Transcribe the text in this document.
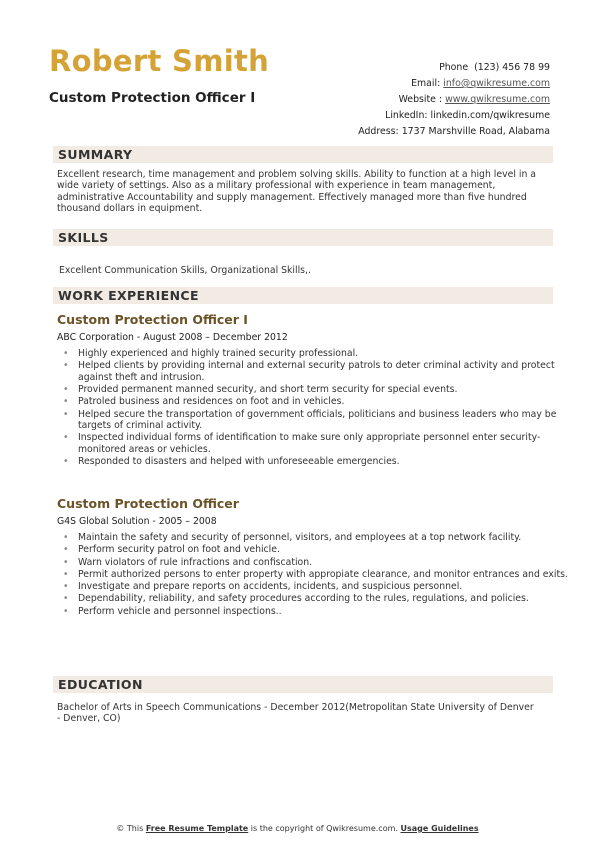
Robert Smith
Custom Protection Officer I
Phone (123) 456 78 99
Email: info@qwikresume.com
Website : www.qwikresume.com
LinkedIn: linkedin.com/qwikresume
Address: 1737 Marshville Road, Alabama
SUMMARY
Excellent research, time management and problem solving skills. Ability to function at a high level in a wide variety of settings. Also as a military professional with experience in team management, administrative Accountability and supply management. Effectively managed more than five hundred thousand dollars in equipment.
SKILLS
Excellent Communication Skills, Organizational Skills,.
WORK EXPERIENCE
Custom Protection Officer I
ABC Corporation - August 2008 – December 2012
• Highly experienced and highly trained security professional.
• Helped clients by providing internal and external security patrols to deter criminal activity and protect against theft and intrusion.
• Provided permanent manned security, and short term security for special events.
• Patroled business and residences on foot and in vehicles.
• Helped secure the transportation of government officials, politicians and business leaders who may be targets of criminal activity.
• Inspected individual forms of identification to make sure only appropriate personnel enter security-monitored areas or vehicles.
• Responded to disasters and helped with unforeseeable emergencies.
Custom Protection Officer
G4S Global Solution - 2005 – 2008
• Maintain the safety and security of personnel, visitors, and employees at a top network facility.
• Perform security patrol on foot and vehicle.
• Warn violators of rule infractions and confiscation.
• Permit authorized persons to enter property with appropiate clearance, and monitor entrances and exits.
• Investigate and prepare reports on accidents, incidents, and suspicious personnel.
• Dependability, reliability, and safety procedures according to the rules, regulations, and policies.
• Perform vehicle and personnel inspections..
EDUCATION
Bachelor of Arts in Speech Communications - December 2012(Metropolitan State University of Denver - Denver, CO)
© This Free Resume Template is the copyright of Qwikresume.com. Usage Guidelines
